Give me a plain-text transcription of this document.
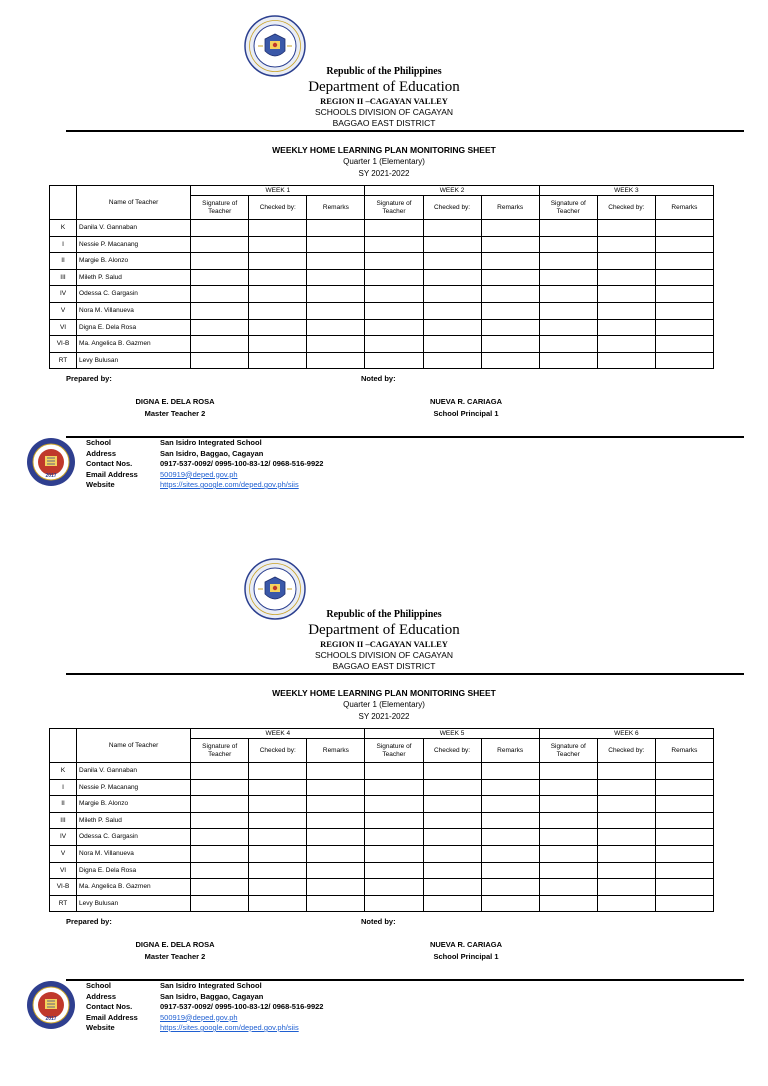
Republic of the Philippines
Department of Education
REGION II –CAGAYAN VALLEY
SCHOOLS DIVISION OF CAGAYAN
BAGGAO EAST DISTRICT
WEEKLY HOME LEARNING PLAN MONITORING SHEET
Quarter 1 (Elementary)
SY 2021-2022
	Name of Teacher	WEEK 1			WEEK 2			WEEK 3		
		Signature of Teacher	Checked by:	Remarks	Signature of Teacher	Checked by:	Remarks	Signature of Teacher	Checked by:	Remarks
K	Danila V. Gannaban									
I	Nessie P. Macanang									
II	Margie B. Alonzo									
III	Mileth P. Salud									
IV	Odessa C. Gargasin									
V	Nora M. Villanueva									
VI	Digna E. Dela Rosa									
VI-B	Ma. Angelica B. Gazmen									
RT	Levy Bulusan									
Prepared by:	Noted by:
DIGNA E. DELA ROSA
Master Teacher 2
NUEVA R. CARIAGA
School Principal 1
2017
School	San Isidro Integrated School
Address	San Isidro, Baggao, Cagayan
Contact Nos.	0917-537-0092/ 0995-100-83-12/ 0968-516-9922
Email Address	500919@deped.gov.ph
Website	https://sites.google.com/deped.gov.ph/siis
Republic of the Philippines
Department of Education
REGION II –CAGAYAN VALLEY
SCHOOLS DIVISION OF CAGAYAN
BAGGAO EAST DISTRICT
WEEKLY HOME LEARNING PLAN MONITORING SHEET
Quarter 1 (Elementary)
SY 2021-2022
	Name of Teacher	WEEK 4			WEEK 5			WEEK 6		
		Signature of Teacher	Checked by:	Remarks	Signature of Teacher	Checked by:	Remarks	Signature of Teacher	Checked by:	Remarks
K	Danila V. Gannaban									
I	Nessie P. Macanang									
II	Margie B. Alonzo									
III	Mileth P. Salud									
IV	Odessa C. Gargasin									
V	Nora M. Villanueva									
VI	Digna E. Dela Rosa									
VI-B	Ma. Angelica B. Gazmen									
RT	Levy Bulusan									
Prepared by:	Noted by:
DIGNA E. DELA ROSA
Master Teacher 2
NUEVA R. CARIAGA
School Principal 1
2017
School	San Isidro Integrated School
Address	San Isidro, Baggao, Cagayan
Contact Nos.	0917-537-0092/ 0995-100-83-12/ 0968-516-9922
Email Address	500919@deped.gov.ph
Website	https://sites.google.com/deped.gov.ph/siis
